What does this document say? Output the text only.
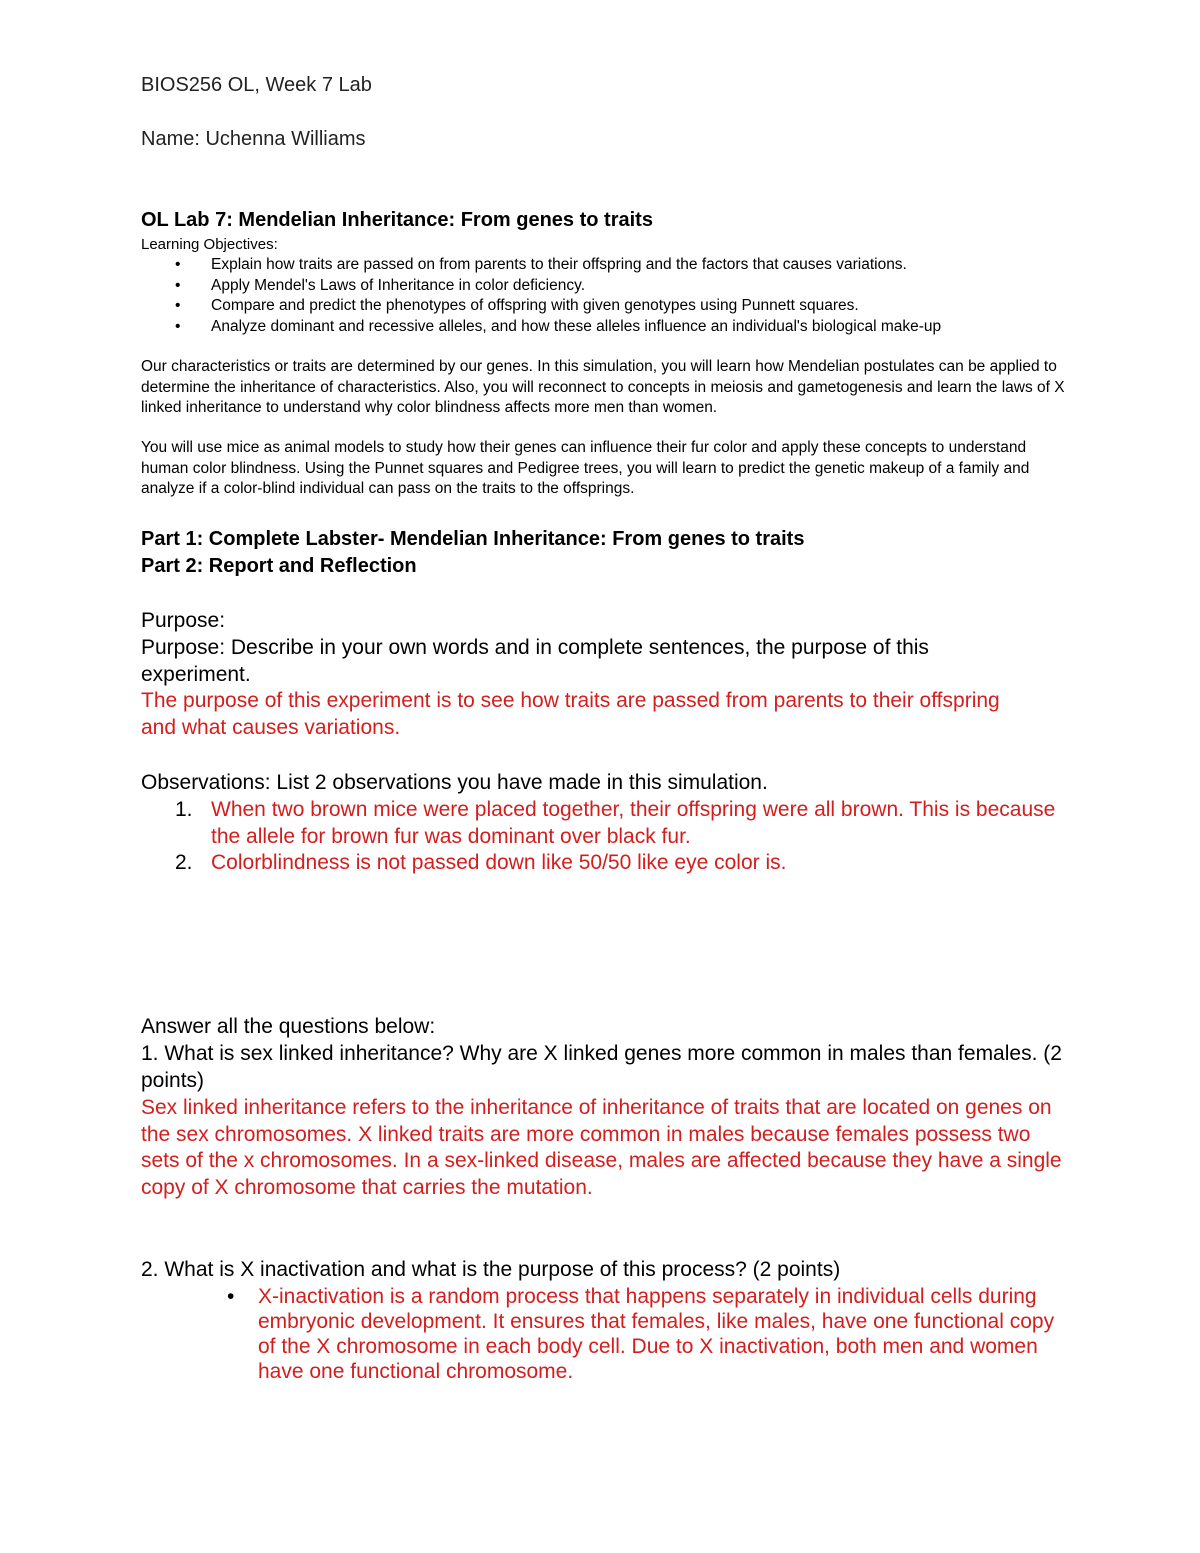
BIOS256 OL, Week 7 Lab

Name: Uchenna Williams

OL Lab 7: Mendelian Inheritance: From genes to traits

Learning Objectives:

• Explain how traits are passed on from parents to their offspring and the factors that causes variations.
• Apply Mendel's Laws of Inheritance in color deficiency.
• Compare and predict the phenotypes of offspring with given genotypes using Punnett squares.
• Analyze dominant and recessive alleles, and how these alleles influence an individual's biological make-up

Our characteristics or traits are determined by our genes. In this simulation, you will learn how Mendelian postulates can be applied to determine the inheritance of characteristics. Also, you will reconnect to concepts in meiosis and gametogenesis and learn the laws of X linked inheritance to understand why color blindness affects more men than women.

You will use mice as animal models to study how their genes can influence their fur color and apply these concepts to understand human color blindness. Using the Punnet squares and Pedigree trees, you will learn to predict the genetic makeup of a family and analyze if a color-blind individual can pass on the traits to the offsprings.

Part 1: Complete Labster- Mendelian Inheritance: From genes to traits

Part 2: Report and Reflection

Purpose:

Purpose: Describe in your own words and in complete sentences, the purpose of this experiment.

The purpose of this experiment is to see how traits are passed from parents to their offspring and what causes variations.

Observations: List 2 observations you have made in this simulation.

1. When two brown mice were placed together, their offspring were all brown. This is because the allele for brown fur was dominant over black fur.
2. Colorblindness is not passed down like 50/50 like eye color is.

Answer all the questions below:

1. What is sex linked inheritance? Why are X linked genes more common in males than females. (2 points)

Sex linked inheritance refers to the inheritance of inheritance of traits that are located on genes on the sex chromosomes. X linked traits are more common in males because females possess two sets of the x chromosomes. In a sex-linked disease, males are affected because they have a single copy of X chromosome that carries the mutation.

2. What is X inactivation and what is the purpose of this process? (2 points)

• X-inactivation is a random process that happens separately in individual cells during embryonic development. It ensures that females, like males, have one functional copy of the X chromosome in each body cell. Due to X inactivation, both men and women have one functional chromosome.
